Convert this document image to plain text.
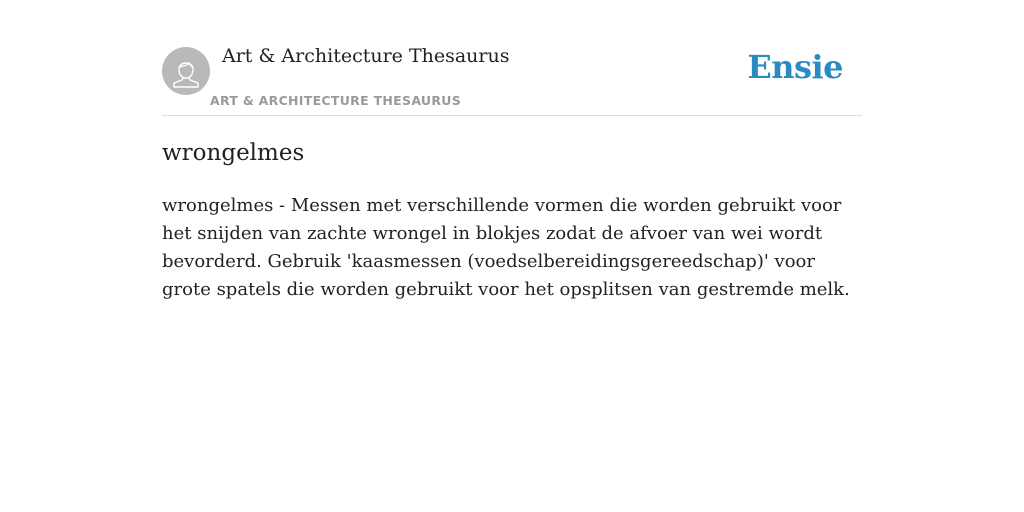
Art & Architecture Thesaurus
ART & ARCHITECTURE THESAURUS
Ensie
wrongelmes

wrongelmes - Messen met verschillende vormen die worden gebruikt voor het snijden van zachte wrongel in blokjes zodat de afvoer van wei wordt bevorderd. Gebruik 'kaasmessen (voedselbereidingsgereedschap)' voor grote spatels die worden gebruikt voor het opsplitsen van gestremde melk.
